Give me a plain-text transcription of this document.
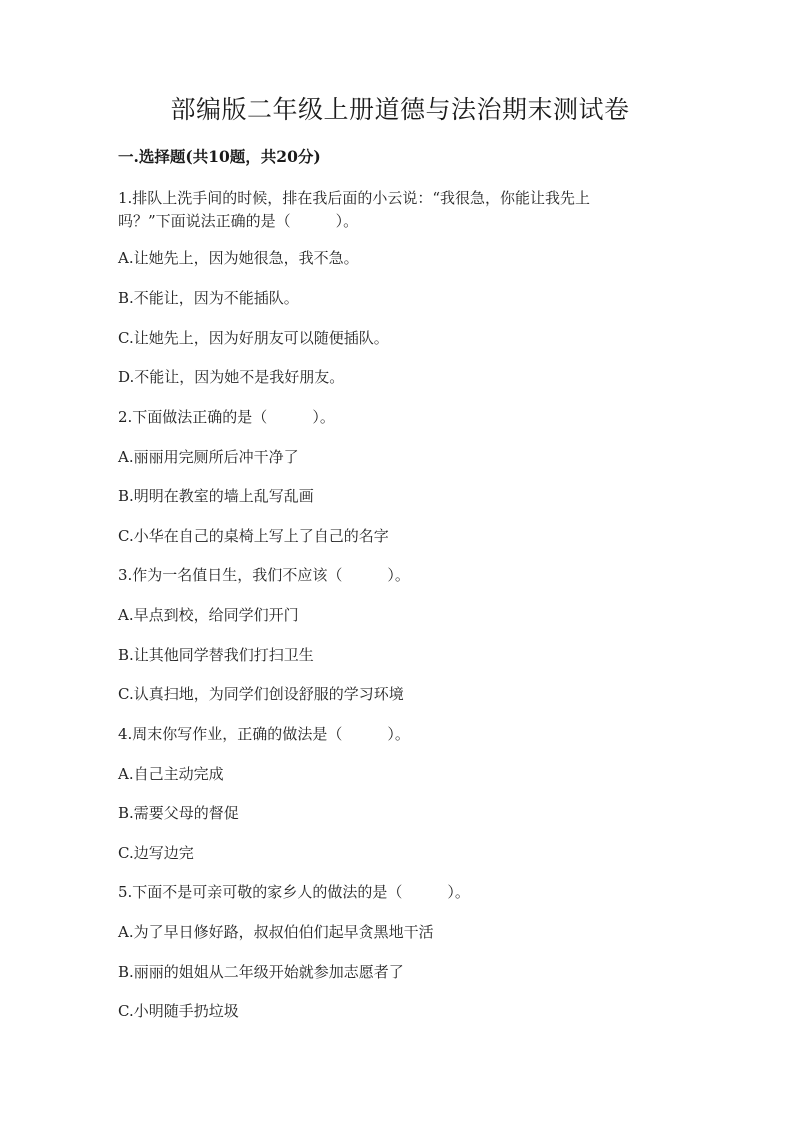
部编版二年级上册道德与法治期末测试卷
一.选择题(共10题，共20分)
1.排队上洗手间的时候，排在我后面的小云说：“我很急，你能让我先上
吗？”下面说法正确的是（　　　）。
A.让她先上，因为她很急，我不急。
B.不能让，因为不能插队。
C.让她先上，因为好朋友可以随便插队。
D.不能让，因为她不是我好朋友。
2.下面做法正确的是（　　　）。
A.丽丽用完厕所后冲干净了
B.明明在教室的墙上乱写乱画
C.小华在自己的桌椅上写上了自己的名字
3.作为一名值日生，我们不应该（　　　）。
A.早点到校，给同学们开门
B.让其他同学替我们打扫卫生
C.认真扫地，为同学们创设舒服的学习环境
4.周末你写作业，正确的做法是（　　　）。
A.自己主动完成
B.需要父母的督促
C.边写边完
5.下面不是可亲可敬的家乡人的做法的是（　　　）。
A.为了早日修好路，叔叔伯伯们起早贪黑地干活
B.丽丽的姐姐从二年级开始就参加志愿者了
C.小明随手扔垃圾
